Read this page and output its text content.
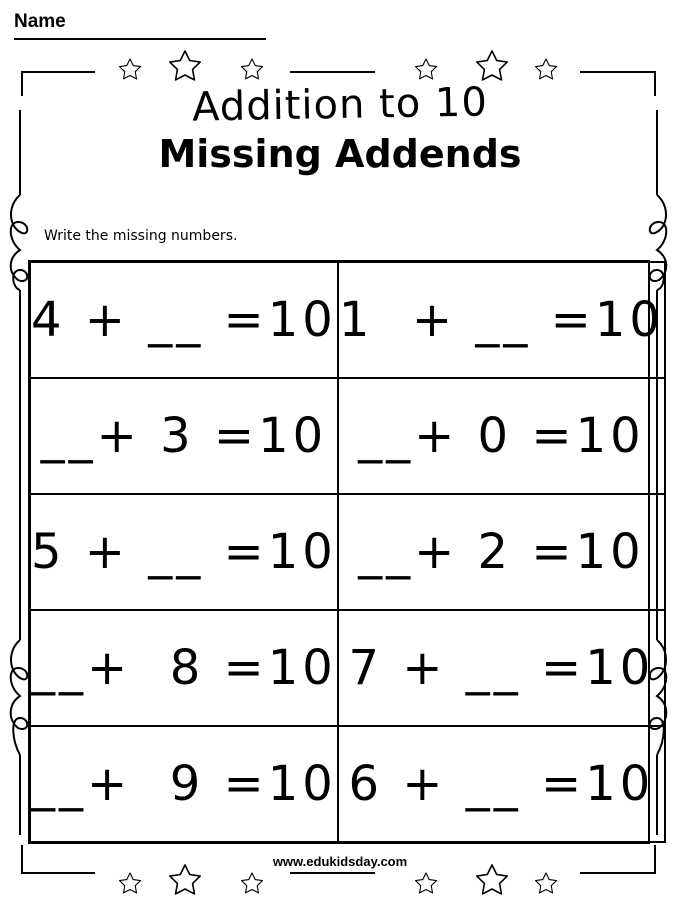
Name
Addition to 10
Missing Addends
Write the missing numbers.
4 + __ =10 1  + __ =10
__+ 3 =10 __+ 0 =10
5 + __ =10 __+ 2 =10
__+  8 =10 7 + __ =10
__+  9 =10 6 + __ =10
www.edukidsday.com
